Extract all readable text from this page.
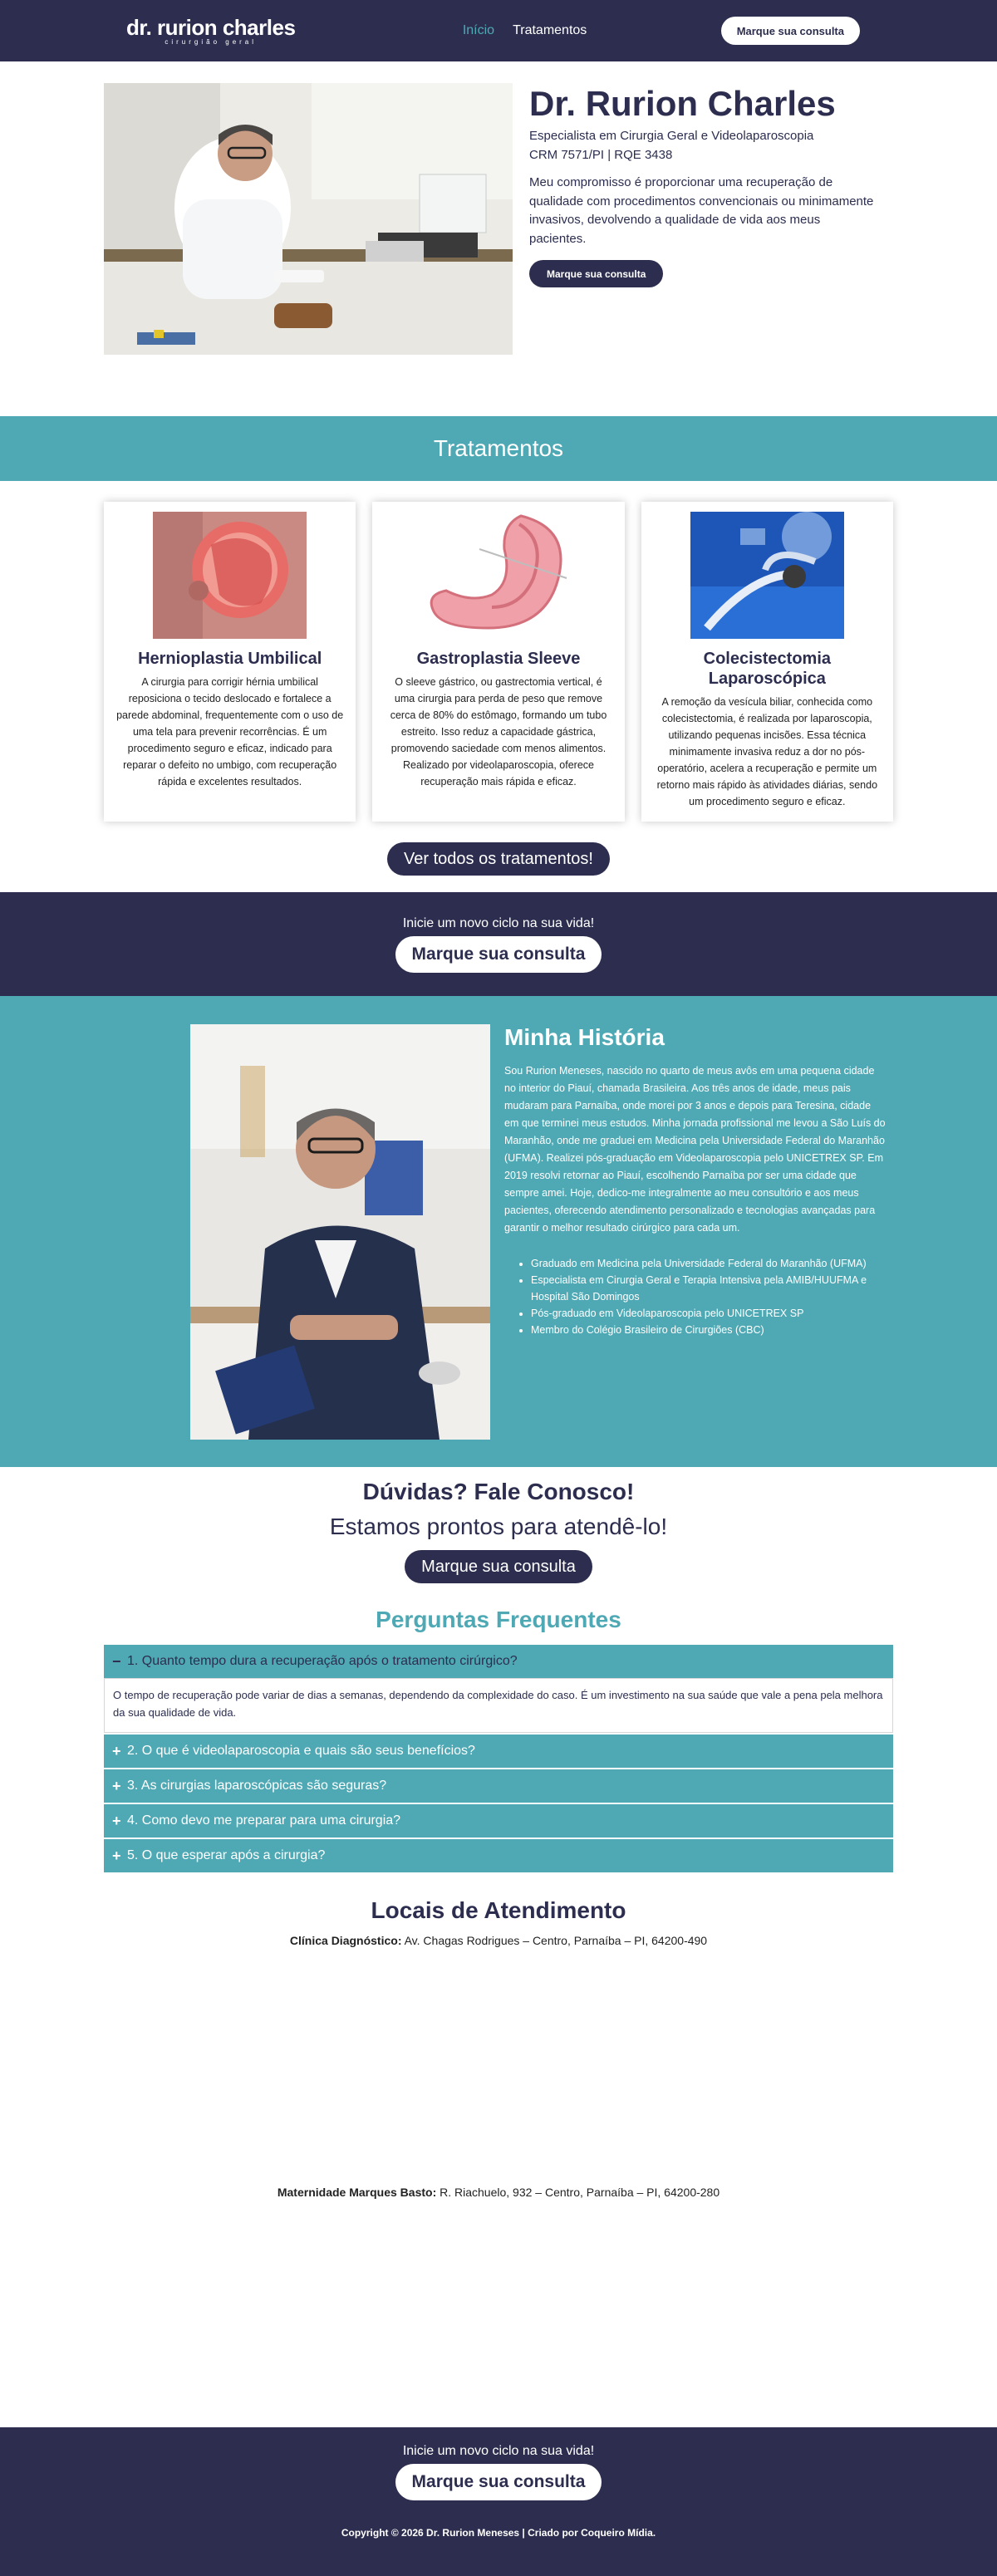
dr. rurion charles
cirurgião geral
Início Tratamentos	Marque sua consulta
Dr. Rurion Charles

Especialista em Cirurgia Geral e Videolaparoscopia

CRM 7571/PI | RQE 3438

Meu compromisso é proporcionar uma recuperação de qualidade com procedimentos convencionais ou minimamente invasivos, devolvendo a qualidade de vida aos meus pacientes.

Marque sua consulta
Tratamentos
Hernioplastia Umbilical

A cirurgia para corrigir hérnia umbilical reposiciona o tecido deslocado e fortalece a parede abdominal, frequentemente com o uso de uma tela para prevenir recorrências. É um procedimento seguro e eficaz, indicado para reparar o defeito no umbigo, com recuperação rápida e excelentes resultados.

Gastroplastia Sleeve

O sleeve gástrico, ou gastrectomia vertical, é uma cirurgia para perda de peso que remove cerca de 80% do estômago, formando um tubo estreito. Isso reduz a capacidade gástrica, promovendo saciedade com menos alimentos. Realizado por videolaparoscopia, oferece recuperação mais rápida e eficaz.

Colecistectomia Laparoscópica

A remoção da vesícula biliar, conhecida como colecistectomia, é realizada por laparoscopia, utilizando pequenas incisões. Essa técnica minimamente invasiva reduz a dor no pós-operatório, acelera a recuperação e permite um retorno mais rápido às atividades diárias, sendo um procedimento seguro e eficaz.

Ver todos os tratamentos!

Inicie um novo ciclo na sua vida!

Marque sua consulta
Minha História

Sou Rurion Meneses, nascido no quarto de meus avôs em uma pequena cidade no interior do Piauí, chamada Brasileira. Aos três anos de idade, meus pais mudaram para Parnaíba, onde morei por 3 anos e depois para Teresina, cidade em que terminei meus estudos. Minha jornada profissional me levou a São Luís do Maranhão, onde me graduei em Medicina pela Universidade Federal do Maranhão (UFMA). Realizei pós-graduação em Videolaparoscopia pelo UNICETREX SP. Em 2019 resolvi retornar ao Piauí, escolhendo Parnaíba por ser uma cidade que sempre amei. Hoje, dedico-me integralmente ao meu consultório e aos meus pacientes, oferecendo atendimento personalizado e tecnologias avançadas para garantir o melhor resultado cirúrgico para cada um.

• Graduado em Medicina pela Universidade Federal do Maranhão (UFMA)
• Especialista em Cirurgia Geral e Terapia Intensiva pela AMIB/HUUFMA e Hospital São Domingos
• Pós-graduado em Videolaparoscopia pelo UNICETREX SP
• Membro do Colégio Brasileiro de Cirurgiões (CBC)
Dúvidas? Fale Conosco!
Estamos prontos para atendê-lo!
Marque sua consulta
Perguntas Frequentes
− 1. Quanto tempo dura a recuperação após o tratamento cirúrgico?
O tempo de recuperação pode variar de dias a semanas, dependendo da complexidade do caso. É um investimento na sua saúde que vale a pena pela melhora da sua qualidade de vida.
+ 2. O que é videolaparoscopia e quais são seus benefícios?
+ 3. As cirurgias laparoscópicas são seguras?
+ 4. Como devo me preparar para uma cirurgia?
+ 5. O que esperar após a cirurgia?
Locais de Atendimento

Clínica Diagnóstico: Av. Chagas Rodrigues – Centro, Parnaíba – PI, 64200-490

Maternidade Marques Basto: R. Riachuelo, 932 – Centro, Parnaíba – PI, 64200-280

Inicie um novo ciclo na sua vida!

Marque sua consulta

Copyright © 2026 Dr. Rurion Meneses | Criado por Coqueiro Mídia.
